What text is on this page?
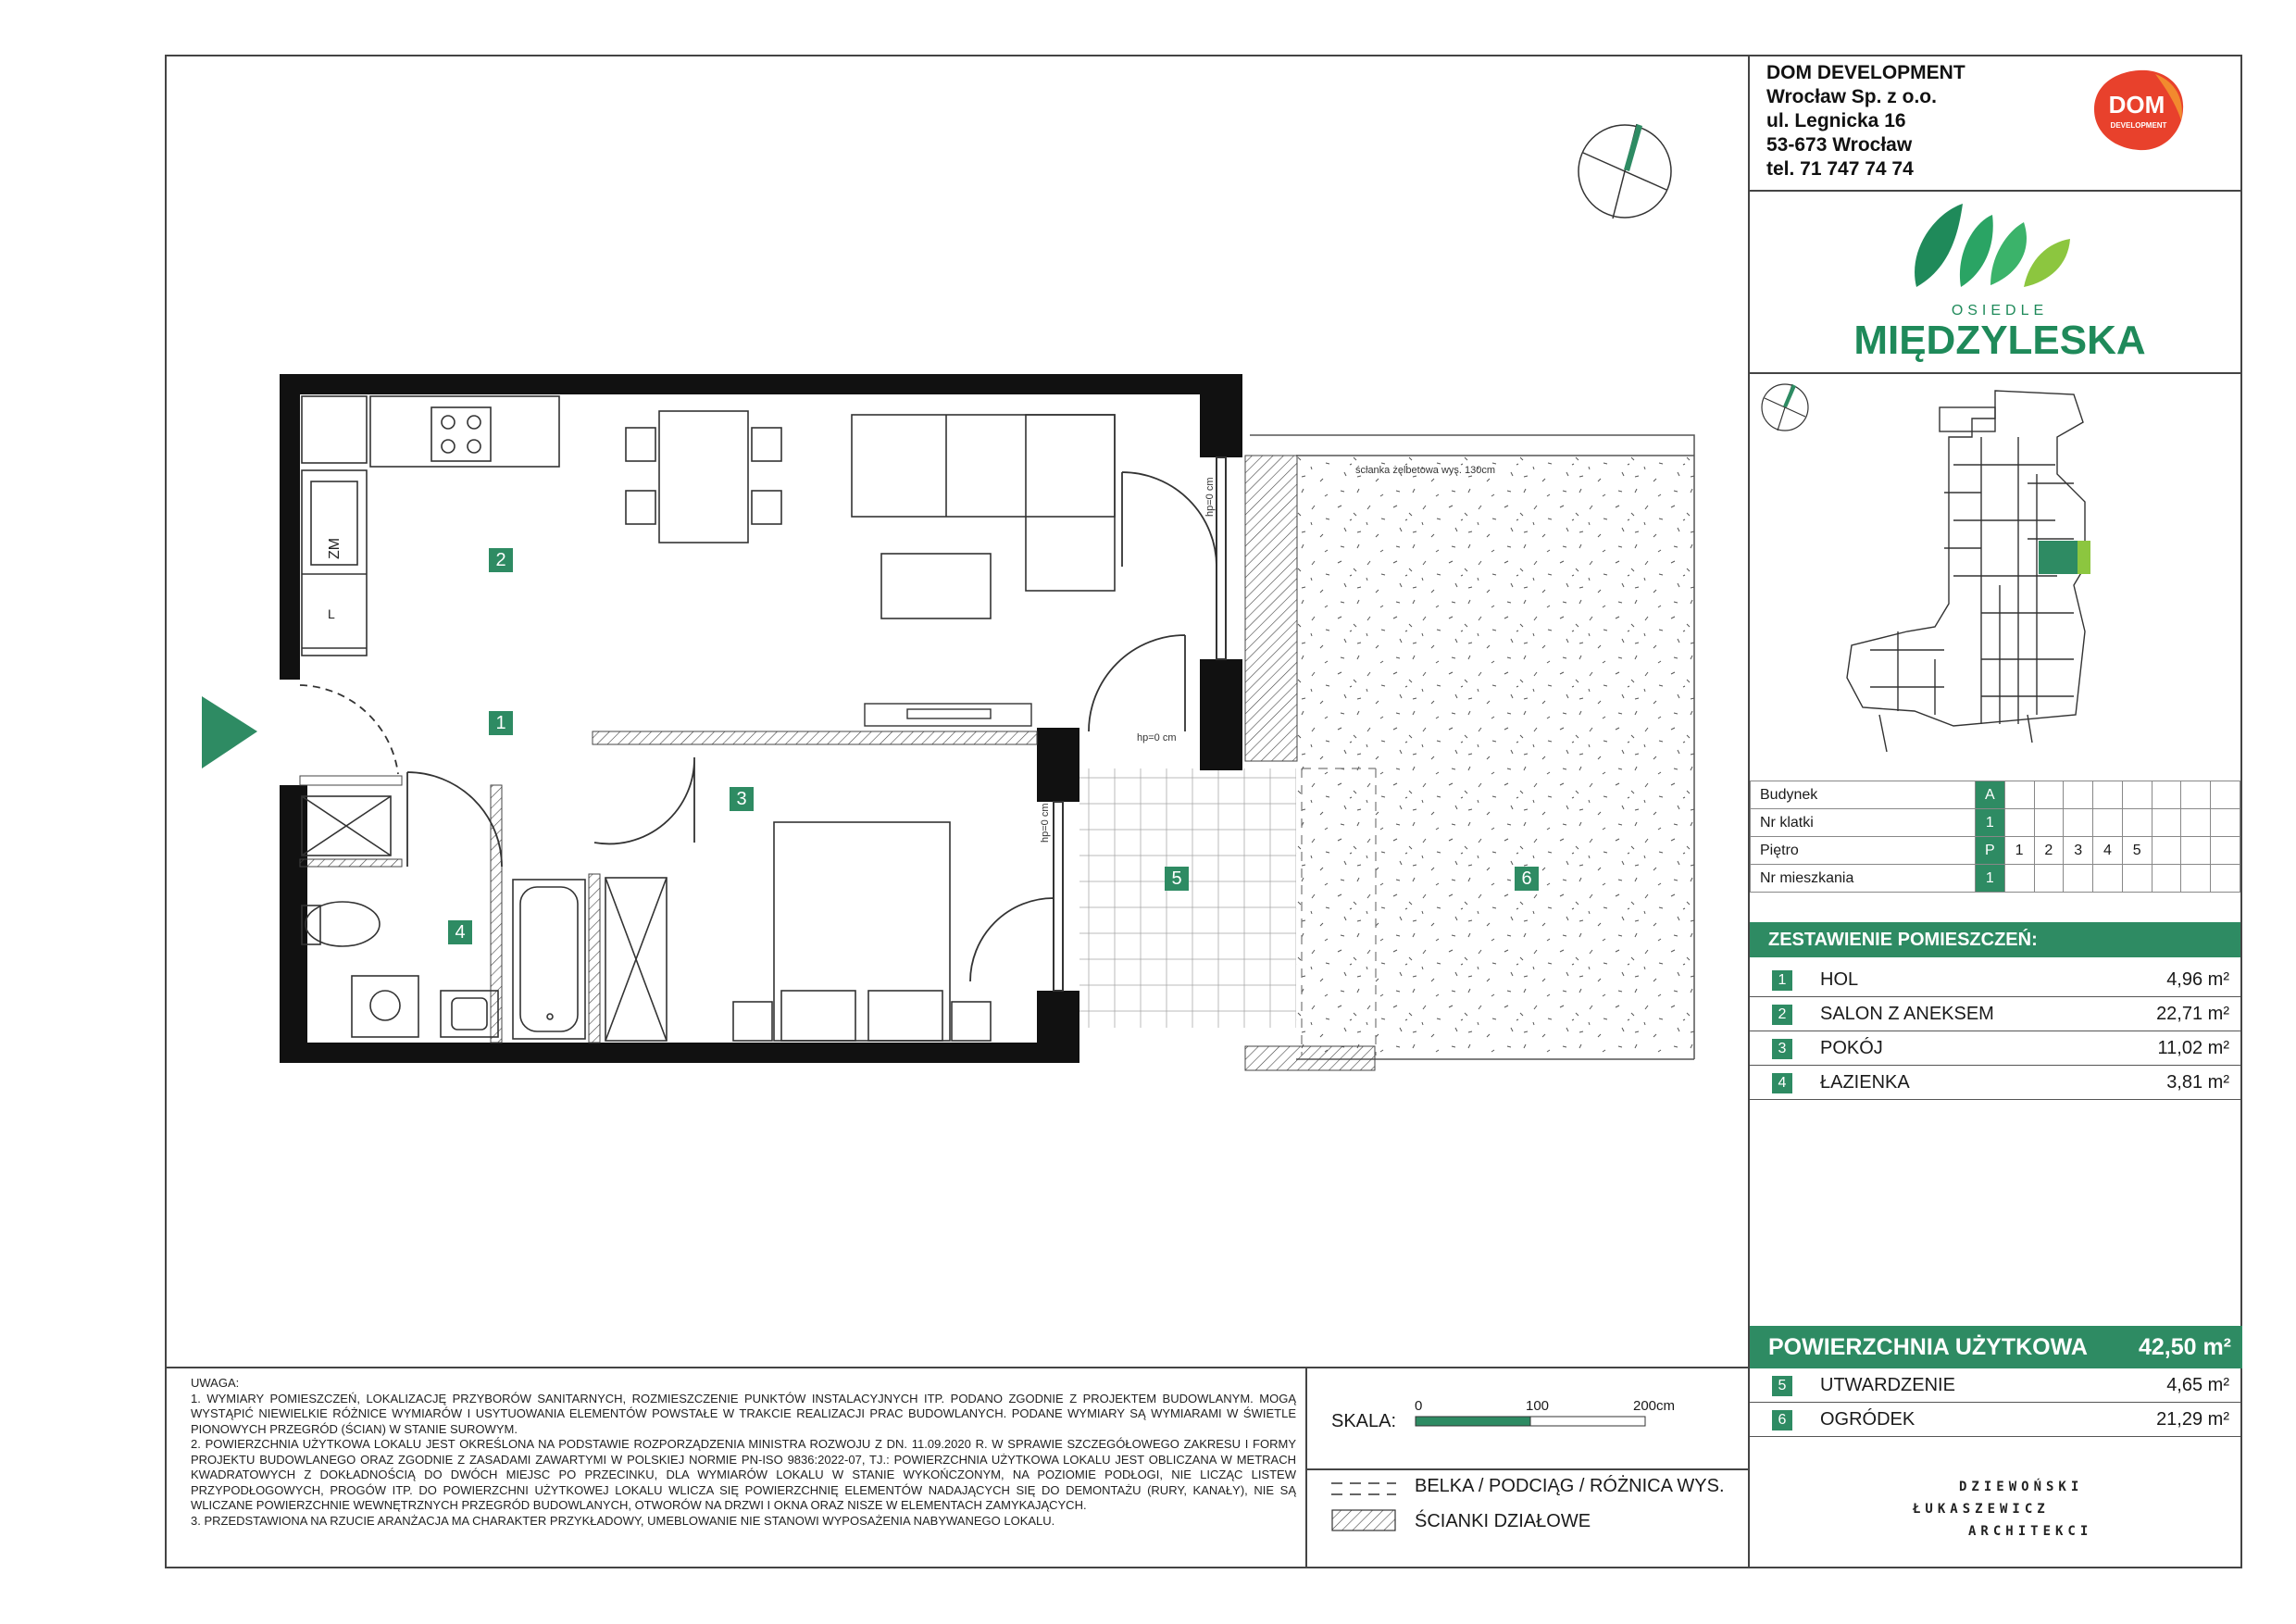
DOM DEVELOPMENT
Wrocław Sp. z o.o.
ul. Legnicka 16
53-673 Wrocław
tel. 71 747 74 74
DOM
DEVELOPMENT
OSIEDLE
MIĘDZYLESKA
Budynek	A								
Nr klatki	1								
Piętro	P	1	2	3	4	5			
Nr mieszkania	1								
ZESTAWIENIE POMIESZCZEŃ:
1	HOL	4,96 m²
2	SALON Z ANEKSEM	22,71 m²
3	POKÓJ	11,02 m²
4	ŁAZIENKA	3,81 m²
POWIERZCHNIA UŻYTKOWA 42,50 m²
5	UTWARDZENIE	4,65 m²
6	OGRÓDEK	21,29 m²
ścianka żelbetowa wys. 130cm
ZM
L
hp=0 cm
hp=0 cm
hp=0 cm
1
2
3
4
5	6

UWAGA:

1. WYMIARY POMIESZCZEŃ, LOKALIZACJĘ PRZYBORÓW SANITARNYCH, ROZMIESZCZENIE PUNKTÓW INSTALACYJNYCH ITP. PODANO ZGODNIE Z PROJEKTEM BUDOWLANYM. MOGĄ WYSTĄPIĆ NIEWIELKIE RÓŻNICE WYMIARÓW I USYTUOWANIA ELEMENTÓW POWSTAŁE W TRAKCIE REALIZACJI PRAC BUDOWLANYCH. PODANE WYMIARY SĄ WYMIARAMI W ŚWIETLE PIONOWYCH PRZEGRÓD (ŚCIAN) W STANIE SUROWYM.

2. POWIERZCHNIA UŻYTKOWA LOKALU JEST OKREŚLONA NA PODSTAWIE ROZPORZĄDZENIA MINISTRA ROZWOJU Z DN. 11.09.2020 R. W SPRAWIE SZCZEGÓŁOWEGO ZAKRESU I FORMY PROJEKTU BUDOWLANEGO ORAZ ZGODNIE Z ZASADAMI ZAWARTYMI W POLSKIEJ NORMIE PN-ISO 9836:2022-07, TJ.: POWIERZCHNIA UŻYTKOWA LOKALU JEST OBLICZANA W METRACH KWADRATOWYCH Z DOKŁADNOŚCIĄ DO DWÓCH MIEJSC PO PRZECINKU, DLA WYMIARÓW LOKALU W STANIE WYKOŃCZONYM, NA POZIOMIE PODŁOGI, NIE LICZĄC LISTEW PRZYPODŁOGOWYCH, PROGÓW ITP. DO POWIERZCHNI UŻYTKOWEJ LOKALU WLICZA SIĘ POWIERZCHNIĘ ELEMENTÓW NADAJĄCYCH SIĘ DO DEMONTAŻU (RURY, KANAŁY), NIE SĄ WLICZANE POWIERZCHNIE WEWNĘTRZNYCH PRZEGRÓD BUDOWLANYCH, OTWORÓW NA DRZWI I OKNA ORAZ NISZE W ELEMENTACH ZAMYKAJĄCYCH.

3. PRZEDSTAWIONA NA RZUCIE ARANŻACJA MA CHARAKTER PRZYKŁADOWY, UMEBLOWANIE NIE STANOWI WYPOSAŻENIA NABYWANEGO LOKALU.

SKALA:
0	100	200cm
BELKA / PODCIĄG / RÓŻNICA WYS.
ŚCIANKI DZIAŁOWE
DZIEWOŃSKI
ŁUKASZEWICZ
ARCHITEKCI
